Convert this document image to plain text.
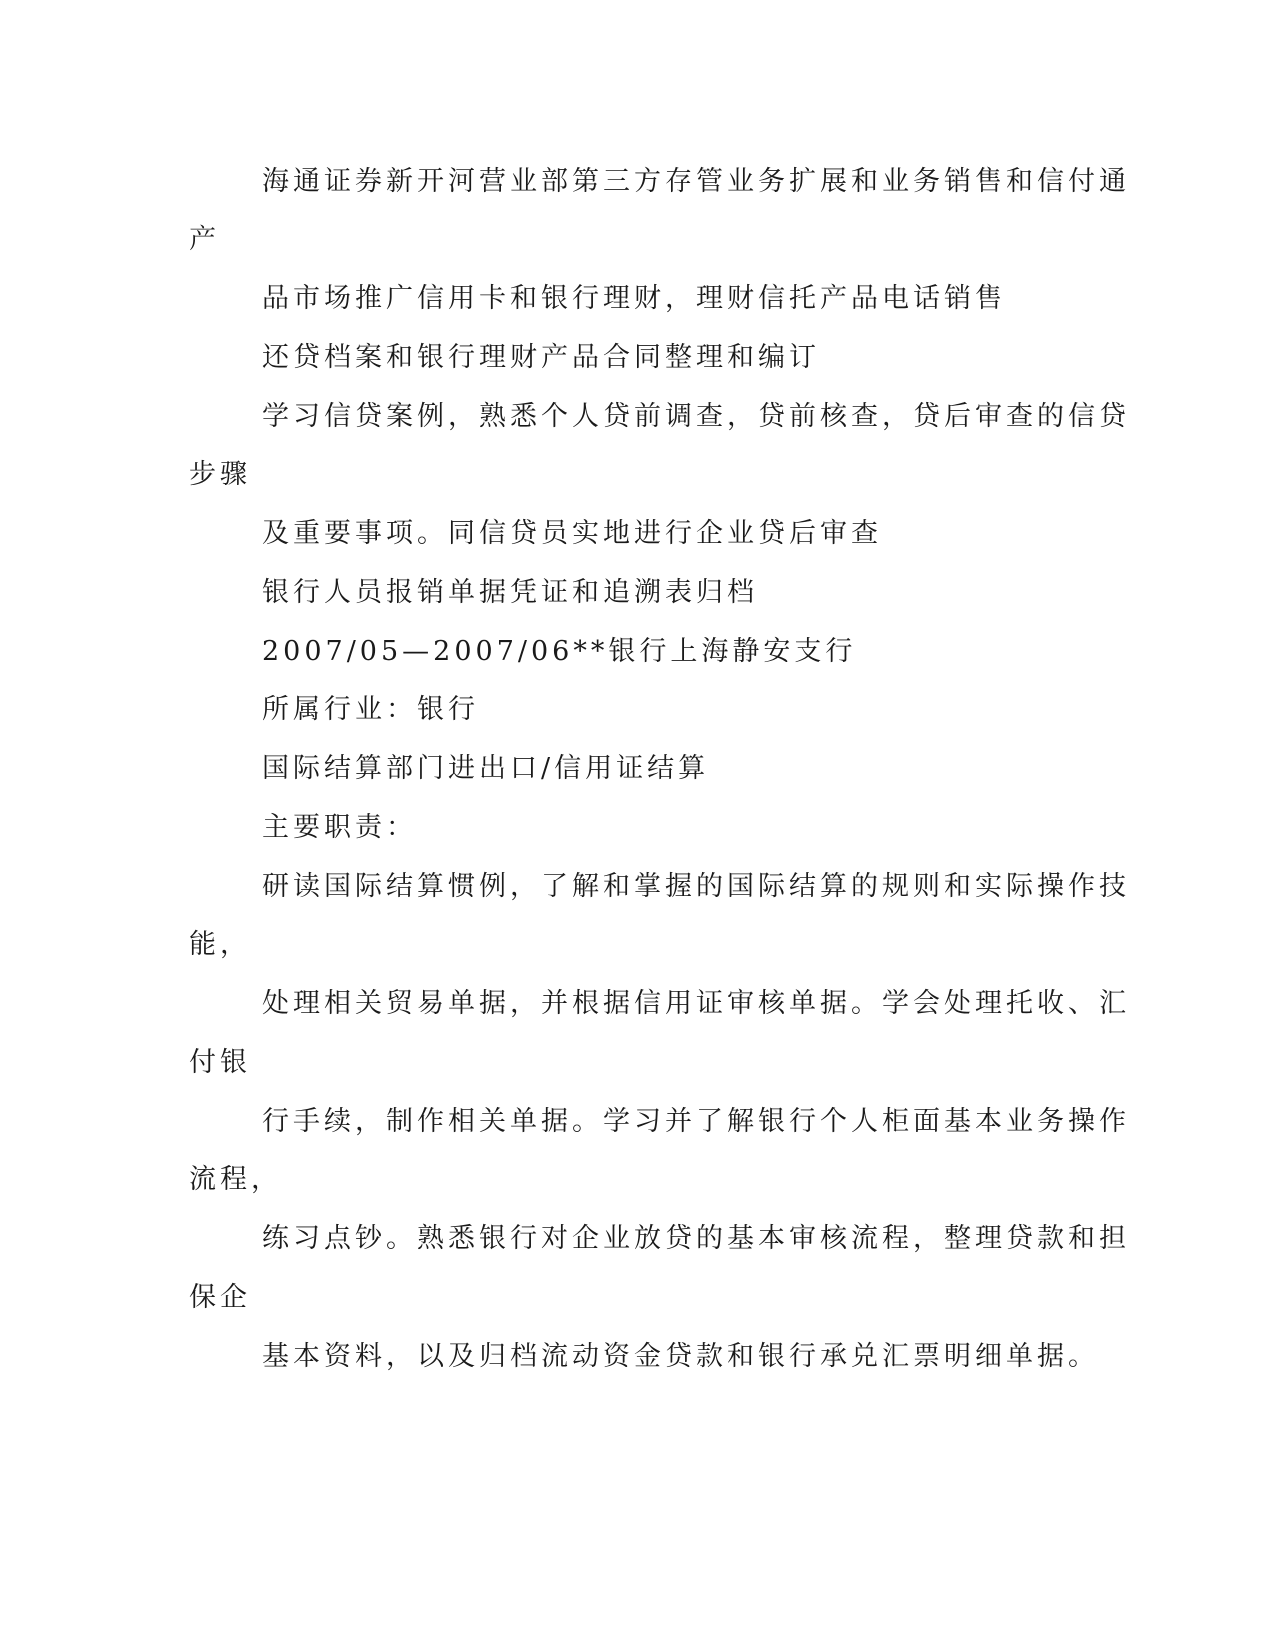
海通证券新开河营业部第三方存管业务扩展和业务销售和信付通

产

品市场推广信用卡和银行理财，理财信托产品电话销售

还贷档案和银行理财产品合同整理和编订

学习信贷案例，熟悉个人贷前调查，贷前核查，贷后审查的信贷

步骤

及重要事项。同信贷员实地进行企业贷后审查

银行人员报销单据凭证和追溯表归档

2007/05—2007/06**银行上海静安支行

所属行业：银行

国际结算部门进出口/信用证结算

主要职责：

研读国际结算惯例，了解和掌握的国际结算的规则和实际操作技

能，

处理相关贸易单据，并根据信用证审核单据。学会处理托收、汇

付银

行手续，制作相关单据。学习并了解银行个人柜面基本业务操作

流程，

练习点钞。熟悉银行对企业放贷的基本审核流程，整理贷款和担

保企

基本资料，以及归档流动资金贷款和银行承兑汇票明细单据。
